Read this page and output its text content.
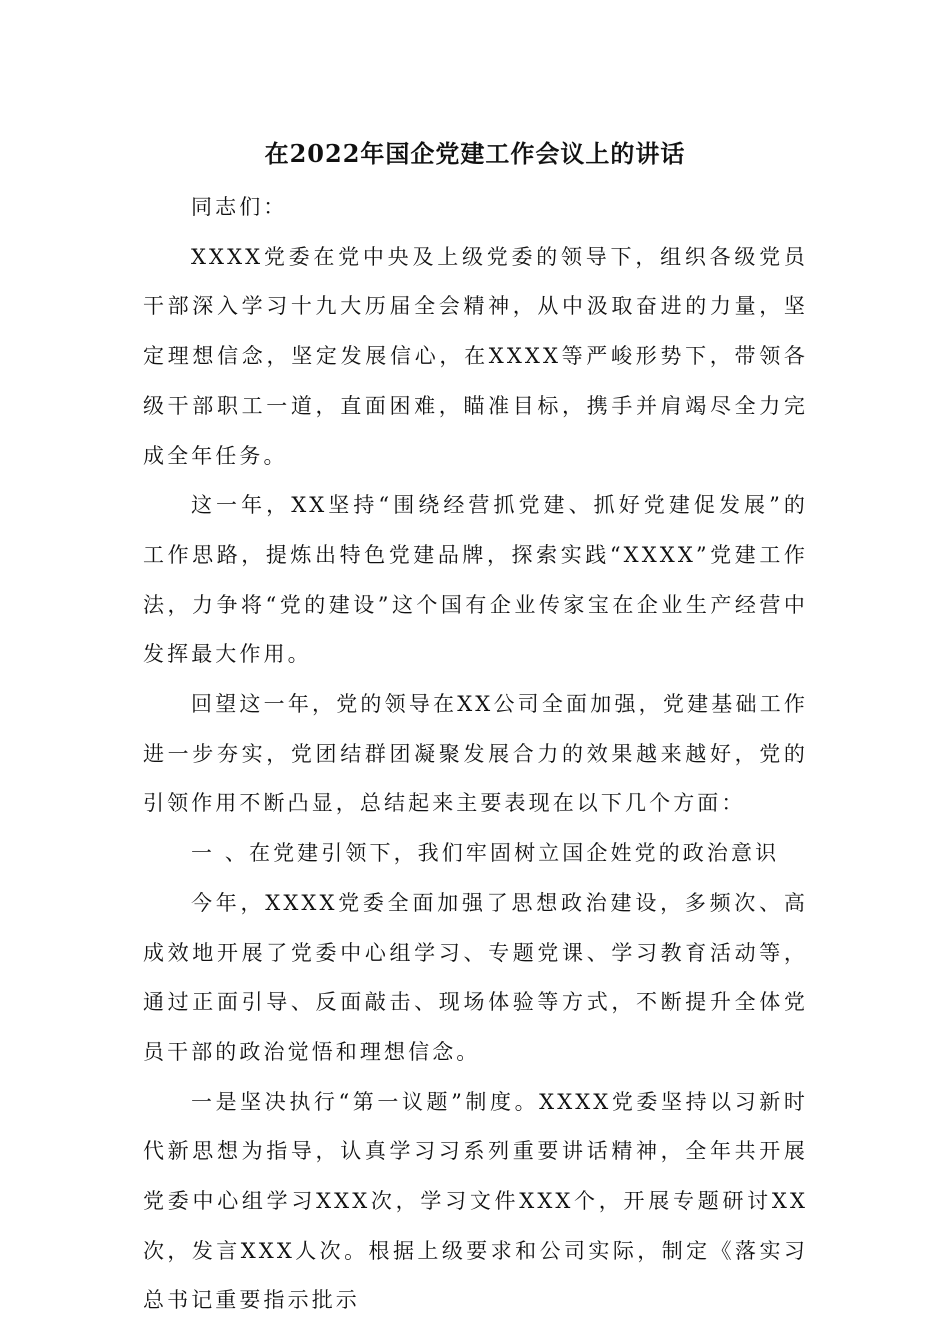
在2022年国企党建工作会议上的讲话

同志们：

XXXX党委在党中央及上级党委的领导下，组织各级党员干部深入学习十九大历届全会精神，从中汲取奋进的力量，坚定理想信念，坚定发展信心，在XXXX等严峻形势下，带领各级干部职工一道，直面困难，瞄准目标，携手并肩竭尽全力完成全年任务。

这一年，XX坚持“围绕经营抓党建、抓好党建促发展”的工作思路，提炼出特色党建品牌，探索实践“XXXX”党建工作法，力争将“党的建设”这个国有企业传家宝在企业生产经营中发挥最大作用。

回望这一年，党的领导在XX公司全面加强，党建基础工作进一步夯实，党团结群团凝聚发展合力的效果越来越好，党的引领作用不断凸显，总结起来主要表现在以下几个方面：

一 、在党建引领下，我们牢固树立国企姓党的政治意识

今年，XXXX党委全面加强了思想政治建设，多频次、高成效地开展了党委中心组学习、专题党课、学习教育活动等，通过正面引导、反面敲击、现场体验等方式，不断提升全体党员干部的政治觉悟和理想信念。

一是坚决执行“第一议题”制度。XXXX党委坚持以习新时代新思想为指导，认真学习习系列重要讲话精神，全年共开展党委中心组学习XXX次，学习文件XXX个，开展专题研讨XX次，发言XXX人次。根据上级要求和公司实际，制定《落实习总书记重要指示批示
